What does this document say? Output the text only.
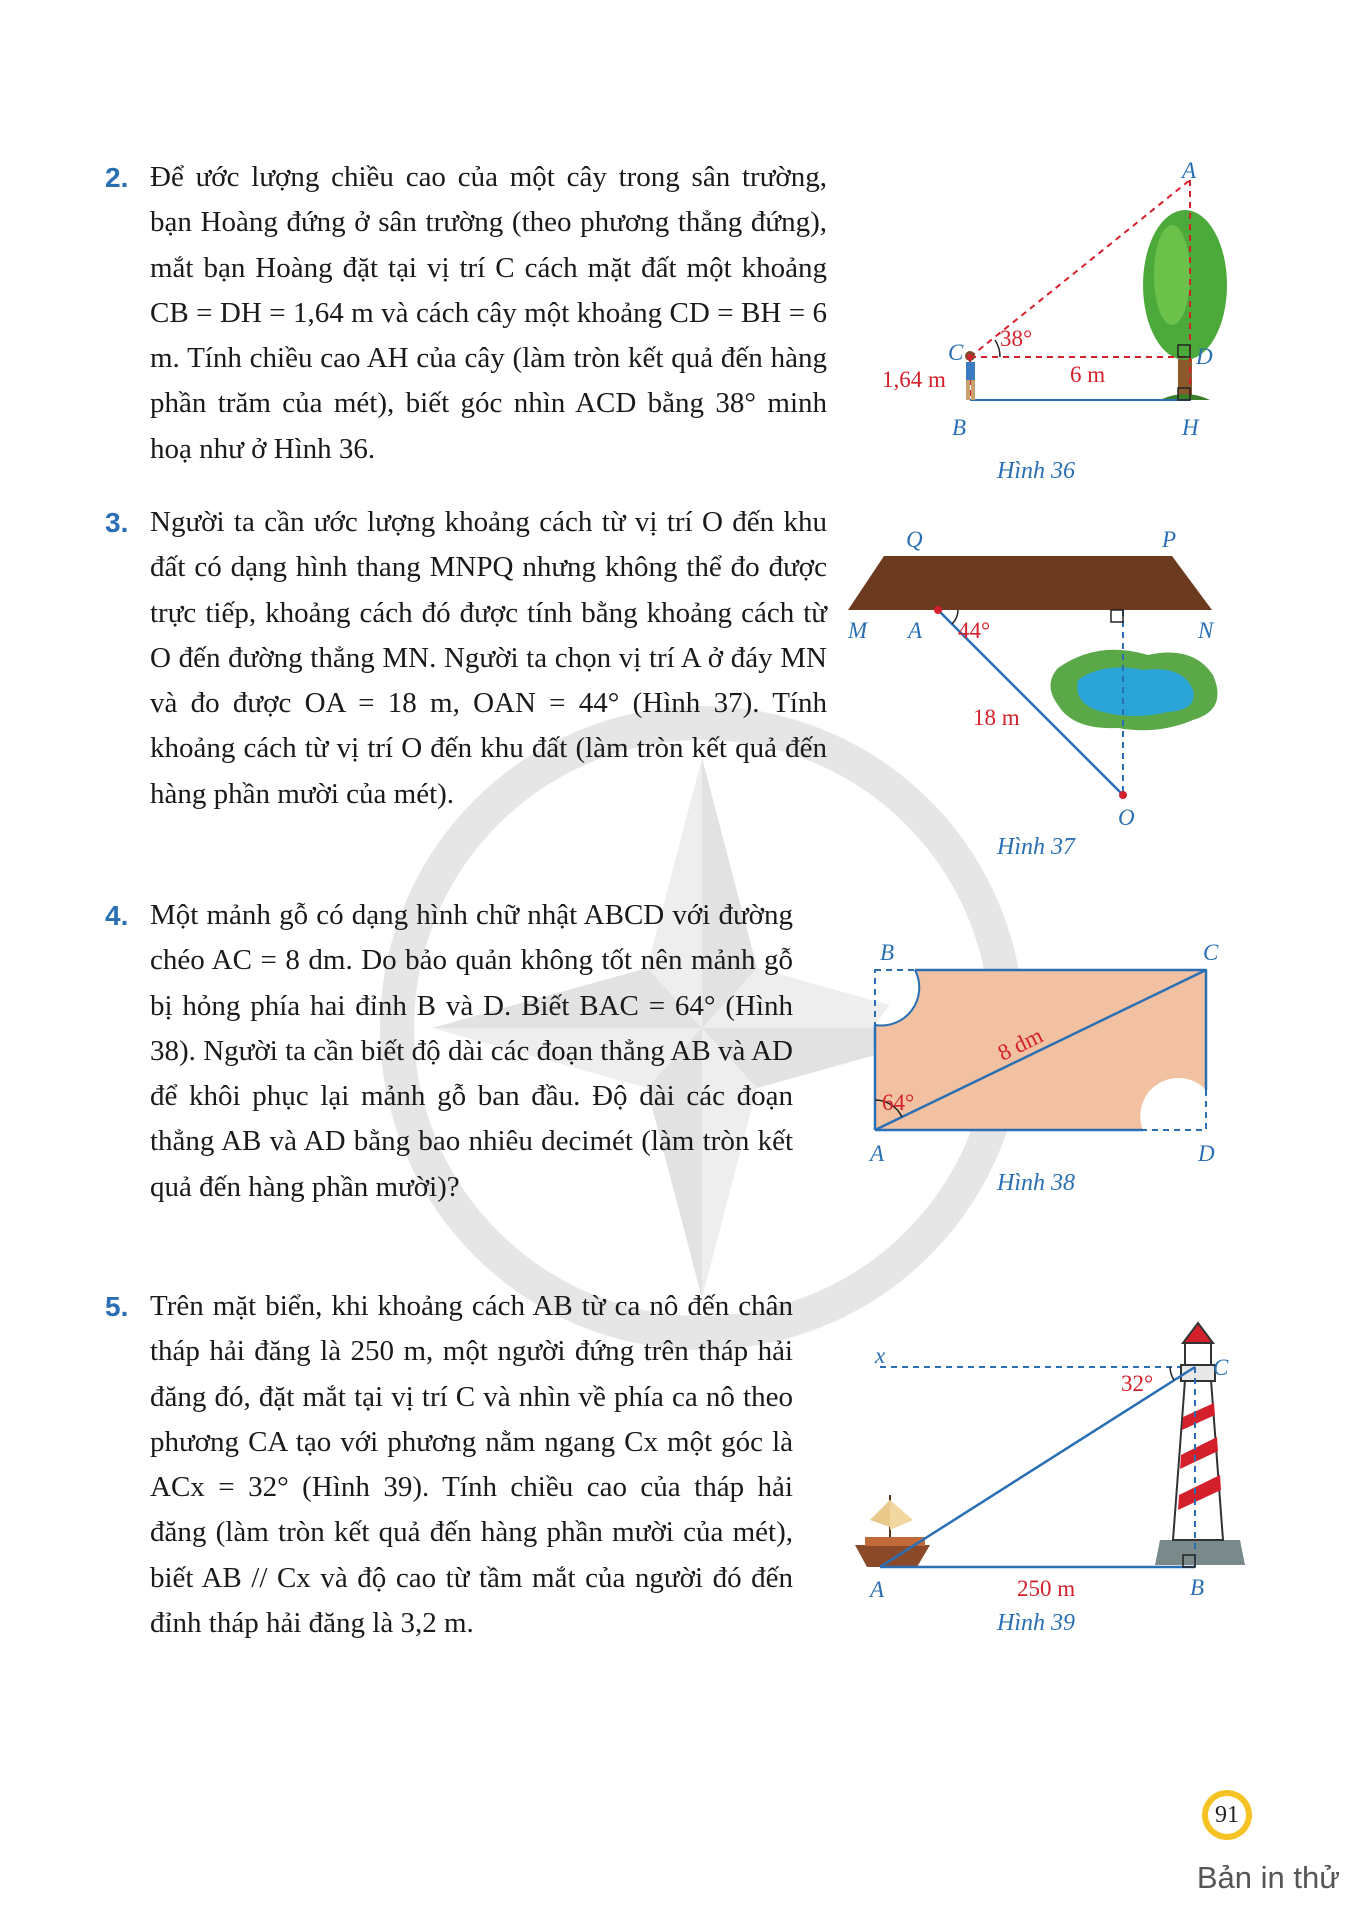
2. Để ước lượng chiều cao của một cây trong sân trường, bạn Hoàng đứng ở sân trường (theo phương thẳng đứng), mắt bạn Hoàng đặt tại vị trí C cách mặt đất một khoảng CB = DH = 1,64 m và cách cây một khoảng CD = BH = 6 m. Tính chiều cao AH của cây (làm tròn kết quả đến hàng phần trăm của mét), biết góc nhìn ACD bằng 38° minh hoạ như ở Hình 36.
3. Người ta cần ước lượng khoảng cách từ vị trí O đến khu đất có dạng hình thang MNPQ nhưng không thể đo được trực tiếp, khoảng cách đó được tính bằng khoảng cách từ O đến đường thẳng MN. Người ta chọn vị trí A ở đáy MN và đo được OA = 18 m, OAN = 44° (Hình 37). Tính khoảng cách từ vị trí O đến khu đất (làm tròn kết quả đến hàng phần mười của mét).
4. Một mảnh gỗ có dạng hình chữ nhật ABCD với đường chéo AC = 8 dm. Do bảo quản không tốt nên mảnh gỗ bị hỏng phía hai đỉnh B và D. Biết BAC = 64° (Hình 38). Người ta cần biết độ dài các đoạn thẳng AB và AD để khôi phục lại mảnh gỗ ban đầu. Độ dài các đoạn thẳng AB và AD bằng bao nhiêu decimét (làm tròn kết quả đến hàng phần mười)?
5. Trên mặt biển, khi khoảng cách AB từ ca nô đến chân tháp hải đăng là 250 m, một người đứng trên tháp hải đăng đó, đặt mắt tại vị trí C và nhìn về phía ca nô theo phương CA tạo với phương nằm ngang Cx một góc là ACx = 32° (Hình 39). Tính chiều cao của tháp hải đăng (làm tròn kết quả đến hàng phần mười của mét), biết AB // Cx và độ cao từ tầm mắt của người đó đến đỉnh tháp hải đăng là 3,2 m.
A
C	D
B	H
38°
1,64 m	6 m
Hình 36
Q	P
M A	N
O
44°
18 m
Hình 37
B	C
A	D
64°
8 dm
Hình 38
x	C
A	B
32°
250 m
Hình 39
91
Bản in thử
